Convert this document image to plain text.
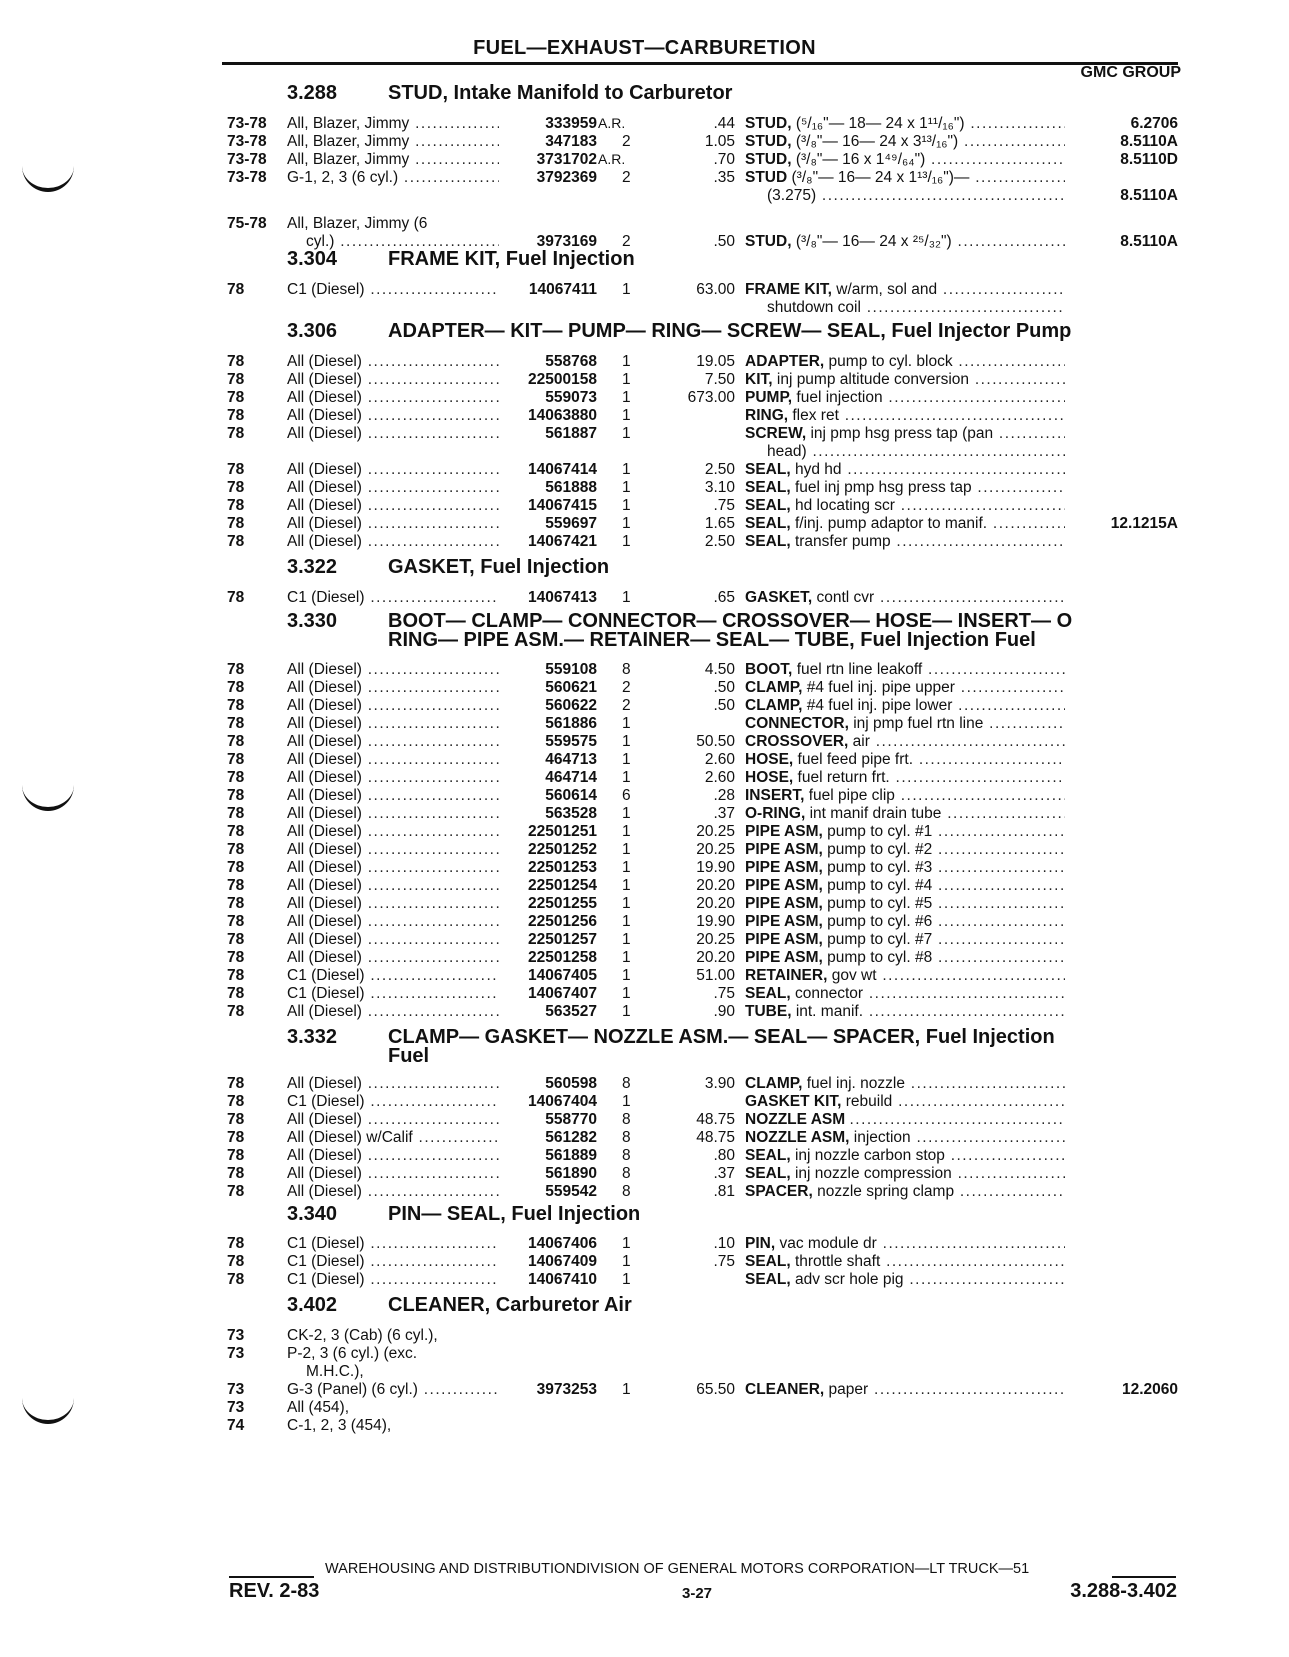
FUEL—EXHAUST—CARBURETION
GMC GROUP
3.288	STUD, Intake Manifold to Carburetor
73-78 All, Blazer, Jimmy .....	333959 A.R.	.44 STUD, (⁵/₁₆"— 18— 24 x 1¹¹/₁₆") .....	6.2706
73-78 All, Blazer, Jimmy .....	347183 2	1.05 STUD, (³/₈"— 16— 24 x 3¹³/₁₆") .....	8.5110A
73-78 All, Blazer, Jimmy .....	3731702 A.R.	.70 STUD, (³/₈"— 16 x 1⁴⁹/₆₄") .....	8.5110D
73-78 G-1, 2, 3 (6 cyl.) .....	3792369 2	.35 STUD (³/₈"— 16— 24 x 1¹³/₁₆")— .....
(3.275) .....	8.5110A
75-78 All, Blazer, Jimmy (6
cyl.) .....	3973169 2	.50 STUD, (³/₈"— 16— 24 x ²⁵/₃₂") .....	8.5110A
3.304	FRAME KIT, Fuel Injection
78	C1 (Diesel) .....	14067411 1	63.00 FRAME KIT, w/arm, sol and .....
shutdown coil .....
3.306	ADAPTER— KIT— PUMP— RING— SCREW— SEAL, Fuel Injector Pump
78	All (Diesel) .....	558768 1	19.05 ADAPTER, pump to cyl. block .....
78	All (Diesel) .....	22500158 1	7.50 KIT, inj pump altitude conversion .....
78	All (Diesel) .....	559073 1	673.00 PUMP, fuel injection .....
78	All (Diesel) .....	14063880 1	RING, flex ret .....
78	All (Diesel) .....	561887 1	SCREW, inj pmp hsg press tap (pan .....
head) .....
78	All (Diesel) .....	14067414 1	2.50 SEAL, hyd hd .....
78	All (Diesel) .....	561888 1	3.10 SEAL, fuel inj pmp hsg press tap .....
78	All (Diesel) .....	14067415 1	.75 SEAL, hd locating scr .....
78	All (Diesel) .....	559697 1	1.65 SEAL, f/inj. pump adaptor to manif. .....	12.1215A
78	All (Diesel) .....	14067421 1	2.50 SEAL, transfer pump .....
3.322	GASKET, Fuel Injection
78	C1 (Diesel) .....	14067413 1	.65 GASKET, contl cvr .....
3.330	BOOT— CLAMP— CONNECTOR— CROSSOVER— HOSE— INSERT— O
RING— PIPE ASM.— RETAINER— SEAL— TUBE, Fuel Injection Fuel
78	All (Diesel) .....	559108 8	4.50 BOOT, fuel rtn line leakoff .....
78	All (Diesel) .....	560621 2	.50 CLAMP, #4 fuel inj. pipe upper .....
78	All (Diesel) .....	560622 2	.50 CLAMP, #4 fuel inj. pipe lower .....
78	All (Diesel) .....	561886 1	CONNECTOR, inj pmp fuel rtn line .....
78	All (Diesel) .....	559575 1	50.50 CROSSOVER, air .....
78	All (Diesel) .....	464713 1	2.60 HOSE, fuel feed pipe frt. .....
78	All (Diesel) .....	464714 1	2.60 HOSE, fuel return frt. .....
78	All (Diesel) .....	560614 6	.28 INSERT, fuel pipe clip .....
78	All (Diesel) .....	563528 1	.37 O-RING, int manif drain tube .....
78	All (Diesel) .....	22501251 1	20.25 PIPE ASM, pump to cyl. #1 .....
78	All (Diesel) .....	22501252 1	20.25 PIPE ASM, pump to cyl. #2 .....
78	All (Diesel) .....	22501253 1	19.90 PIPE ASM, pump to cyl. #3 .....
78	All (Diesel) .....	22501254 1	20.20 PIPE ASM, pump to cyl. #4 .....
78	All (Diesel) .....	22501255 1	20.20 PIPE ASM, pump to cyl. #5 .....
78	All (Diesel) .....	22501256 1	19.90 PIPE ASM, pump to cyl. #6 .....
78	All (Diesel) .....	22501257 1	20.25 PIPE ASM, pump to cyl. #7 .....
78	All (Diesel) .....	22501258 1	20.20 PIPE ASM, pump to cyl. #8 .....
78	C1 (Diesel) .....	14067405 1	51.00 RETAINER, gov wt .....
78	C1 (Diesel) .....	14067407 1	.75 SEAL, connector .....
78	All (Diesel) .....	563527 1	.90 TUBE, int. manif. .....
3.332	CLAMP— GASKET— NOZZLE ASM.— SEAL— SPACER, Fuel Injection
Fuel
78	All (Diesel) .....	560598 8	3.90 CLAMP, fuel inj. nozzle .....
78	C1 (Diesel) .....	14067404 1	GASKET KIT, rebuild .....
78	All (Diesel) .....	558770 8	48.75 NOZZLE ASM .....
78	All (Diesel) w/Calif .....	561282 8	48.75 NOZZLE ASM, injection .....
78	All (Diesel) .....	561889 8	.80 SEAL, inj nozzle carbon stop .....
78	All (Diesel) .....	561890 8	.37 SEAL, inj nozzle compression .....
78	All (Diesel) .....	559542 8	.81 SPACER, nozzle spring clamp .....
3.340	PIN— SEAL, Fuel Injection
78	C1 (Diesel) .....	14067406 1	.10 PIN, vac module dr .....
78	C1 (Diesel) .....	14067409 1	.75 SEAL, throttle shaft .....
78	C1 (Diesel) .....	14067410 1	SEAL, adv scr hole pig .....
3.402	CLEANER, Carburetor Air
73	CK-2, 3 (Cab) (6 cyl.),
73	P-2, 3 (6 cyl.) (exc.
M.H.C.),
73	G-3 (Panel) (6 cyl.) .....	3973253 1	65.50 CLEANER, paper .....	12.2060
73	All (454),
74	C-1, 2, 3 (454),
WAREHOUSING AND DISTRIBUTIONDIVISION OF GENERAL MOTORS CORPORATION—LT TRUCK—51
REV. 2-83	3-27	3.288-3.402
